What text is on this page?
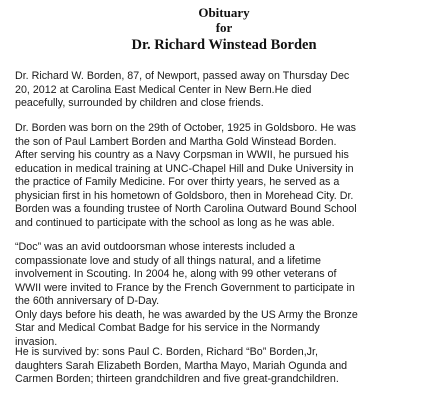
Obituary
for
Dr. Richard Winstead Borden
Dr. Richard W. Borden, 87, of Newport, passed away on Thursday Dec
20, 2012 at Carolina East Medical Center in New Bern.He died
peacefully, surrounded by children and close friends.
Dr. Borden was born on the 29th of October, 1925 in Goldsboro. He was
the son of Paul Lambert Borden and Martha Gold Winstead Borden.
After serving his country as a Navy Corpsman in WWII, he pursued his
education in medical training at UNC-Chapel Hill and Duke University in
the practice of Family Medicine. For over thirty years, he served as a
physician first in his hometown of Goldsboro, then in Morehead City. Dr.
Borden was a founding trustee of North Carolina Outward Bound School
and continued to participate with the school as long as he was able.
“Doc” was an avid outdoorsman whose interests included a
compassionate love and study of all things natural, and a lifetime
involvement in Scouting. In 2004 he, along with 99 other veterans of
WWII were invited to France by the French Government to participate in
the 60th anniversary of D-Day.
Only days before his death, he was awarded by the US Army the Bronze
Star and Medical Combat Badge for his service in the Normandy
invasion.
He is survived by: sons Paul C. Borden, Richard “Bo” Borden,Jr,
daughters Sarah Elizabeth Borden, Martha Mayo, Mariah Ogunda and
Carmen Borden; thirteen grandchildren and five great-grandchildren.
